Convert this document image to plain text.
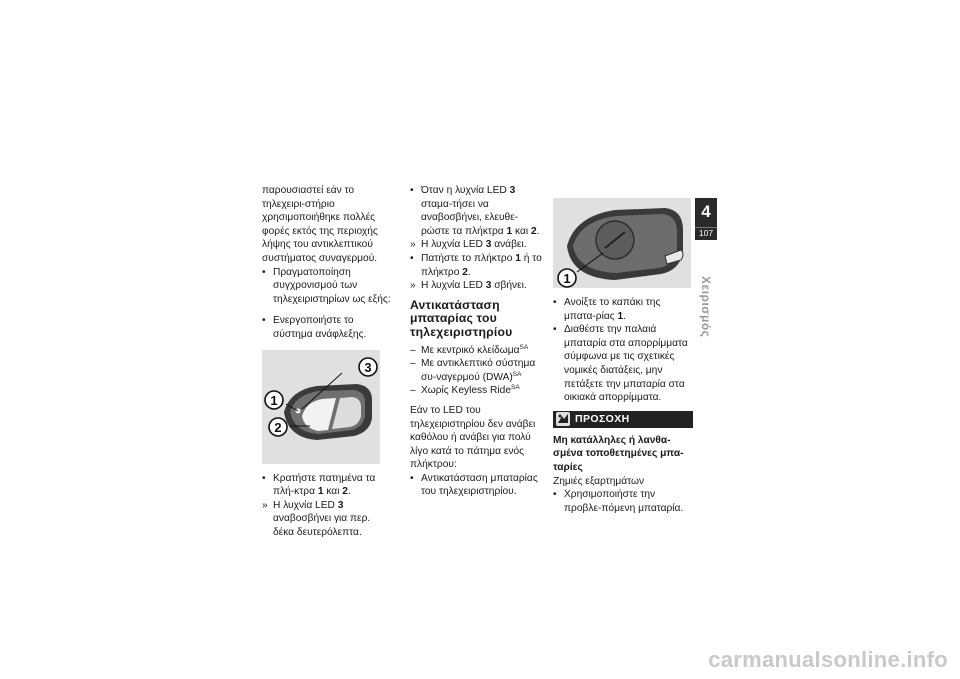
παρουσιαστεί εάν το τηλεχειρι-στήριο χρησιμοποιήθηκε πολλές φορές εκτός της περιοχής λήψης του αντικλεπτικού συστήματος συναγερμού.

• Πραγματοποίηση συγχρονισμού των τηλεχειριστηρίων ως εξής:

• Ενεργοποιήστε το σύστημα ανάφλεξης.

3
1
2

• Κρατήστε πατημένα τα πλή-κτρα 1 και 2.

» Η λυχνία LED 3 αναβοσβήνει για περ. δέκα δευτερόλεπτα.

• Όταν η λυχνία LED 3 σταμα-τήσει να αναβοσβήνει, ελευθε-ρώστε τα πλήκτρα 1 και 2.

» Η λυχνία LED 3 ανάβει.

• Πατήστε το πλήκτρο 1 ή το πλήκτρο 2.

» Η λυχνία LED 3 σβήνει.

Αντικατάσταση μπαταρίας του τηλεχειριστηρίου

– Με κεντρικό κλείδωμα$^{SA}$

– Με αντικλεπτικό σύστημα συ-ναγερμού (DWA)$^{SA}$

– Χωρίς Keyless Ride$^{SA}$

Εάν το LED του τηλεχειριστηρίου δεν ανάβει καθόλου ή ανάβει για πολύ λίγο κατά το πάτημα ενός πλήκτρου:

• Αντικατάσταση μπαταρίας του τηλεχειριστηρίου.

1

• Ανοίξτε το καπάκι της μπατα-ρίας 1.

• Διαθέστε την παλαιά μπαταρία στα απορρίμματα σύμφωνα με τις σχετικές νομικές διατάξεις, μην πετάξετε την μπαταρία στα οικιακά απορρίμματα.

ΠΡΟΣΟΧΗ

Μη κατάλληλες ή λανθα-σμένα τοποθετημένες μπα-ταρίες

Ζημιές εξαρτημάτων

• Χρησιμοποιήστε την προβλε-πόμενη μπαταρία.

4
107
Χειρισμός
carmanualsonline.info
